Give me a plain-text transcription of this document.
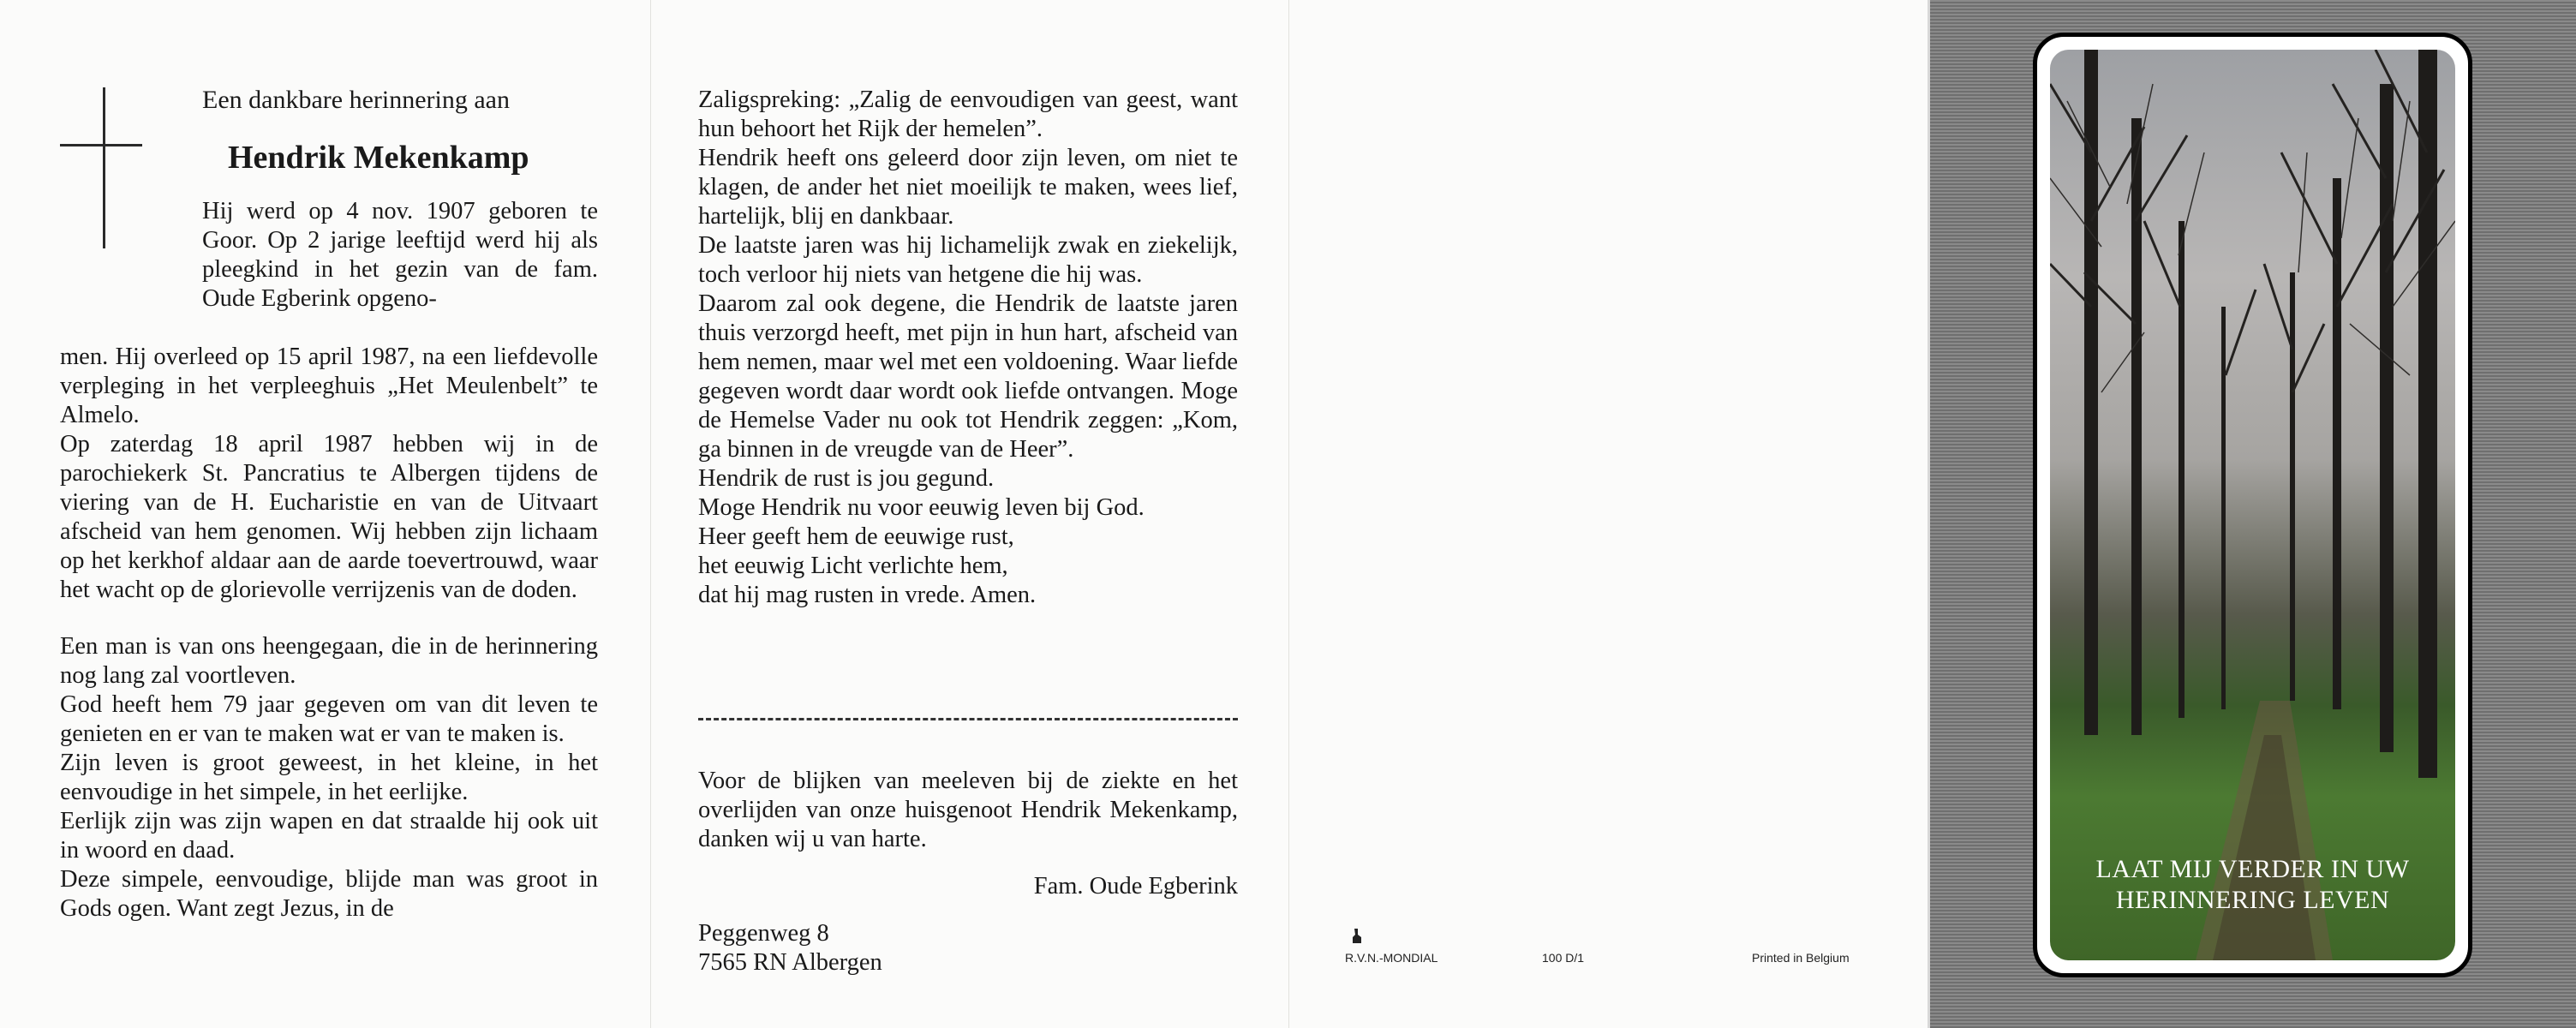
Een dankbare herinnering aan
Hendrik Mekenkamp
Hij werd op 4 nov. 1907 geboren te Goor. Op 2 jarige leeftijd werd hij als pleegkind in het gezin van de fam. Oude Egberink opgeno-

men. Hij overleed op 15 april 1987, na een liefdevolle verpleging in het verpleeghuis „Het Meulenbelt” te Almelo.

Op zaterdag 18 april 1987 hebben wij in de parochiekerk St. Pancratius te Albergen tijdens de viering van de H. Eucharistie en van de Uitvaart afscheid van hem genomen. Wij hebben zijn lichaam op het kerkhof aldaar aan de aarde toevertrouwd, waar het wacht op de glorievolle verrijzenis van de doden.

Een man is van ons heengegaan, die in de herinnering nog lang zal voortleven.

God heeft hem 79 jaar gegeven om van dit leven te genieten en er van te maken wat er van te maken is.

Zijn leven is groot geweest, in het kleine, in het eenvoudige in het simpele, in het eerlijke.

Eerlijk zijn was zijn wapen en dat straalde hij ook uit in woord en daad.

Deze simpele, eenvoudige, blijde man was groot in Gods ogen. Want zegt Jezus, in de

Zaligspreking: „Zalig de eenvoudigen van geest, want hun behoort het Rijk der hemelen”.

Hendrik heeft ons geleerd door zijn leven, om niet te klagen, de ander het niet moeilijk te maken, wees lief, hartelijk, blij en dankbaar.

De laatste jaren was hij lichamelijk zwak en ziekelijk, toch verloor hij niets van hetgene die hij was.

Daarom zal ook degene, die Hendrik de laatste jaren thuis verzorgd heeft, met pijn in hun hart, afscheid van hem nemen, maar wel met een voldoening. Waar liefde gegeven wordt daar wordt ook liefde ontvangen. Moge de Hemelse Vader nu ook tot Hendrik zeggen: „Kom, ga binnen in de vreugde van de Heer”.

Hendrik de rust is jou gegund.

Moge Hendrik nu voor eeuwig leven bij God.

Heer geeft hem de eeuwige rust,

het eeuwig Licht verlichte hem,

dat hij mag rusten in vrede. Amen.

Voor de blijken van meeleven bij de ziekte en het overlijden van onze huisgenoot Hendrik Mekenkamp, danken wij u van harte.
Fam. Oude Egberink
Peggenweg 8
7565 RN Albergen	R.V.N.-MONDIAL	100 D/1	Printed in Belgium
LAAT MIJ VERDER IN UW
HERINNERING LEVEN
